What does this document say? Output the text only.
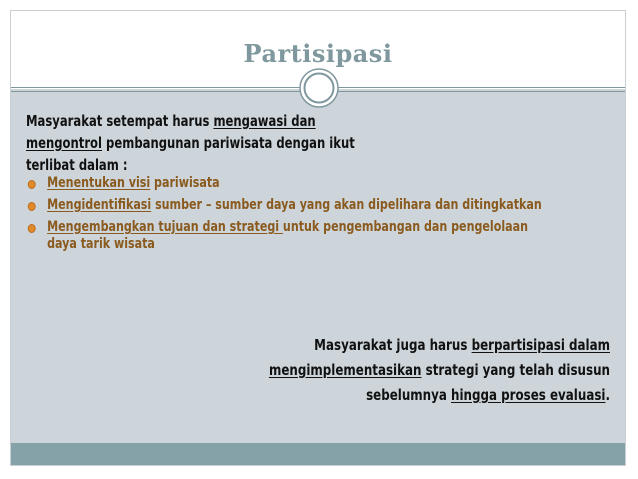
Partisipasi

Masyarakat setempat harus mengawasi dan

mengontrol pembangunan pariwisata dengan ikut

terlibat dalam :

Menentukan visi pariwisata
Mengidentifikasi sumber – sumber daya yang akan dipelihara dan ditingkatkan
Mengembangkan tujuan dan strategi untuk pengembangan dan pengelolaan daya tarik wisata

Masyarakat juga harus berpartisipasi dalam

mengimplementasikan strategi yang telah disusun

sebelumnya hingga proses evaluasi.
